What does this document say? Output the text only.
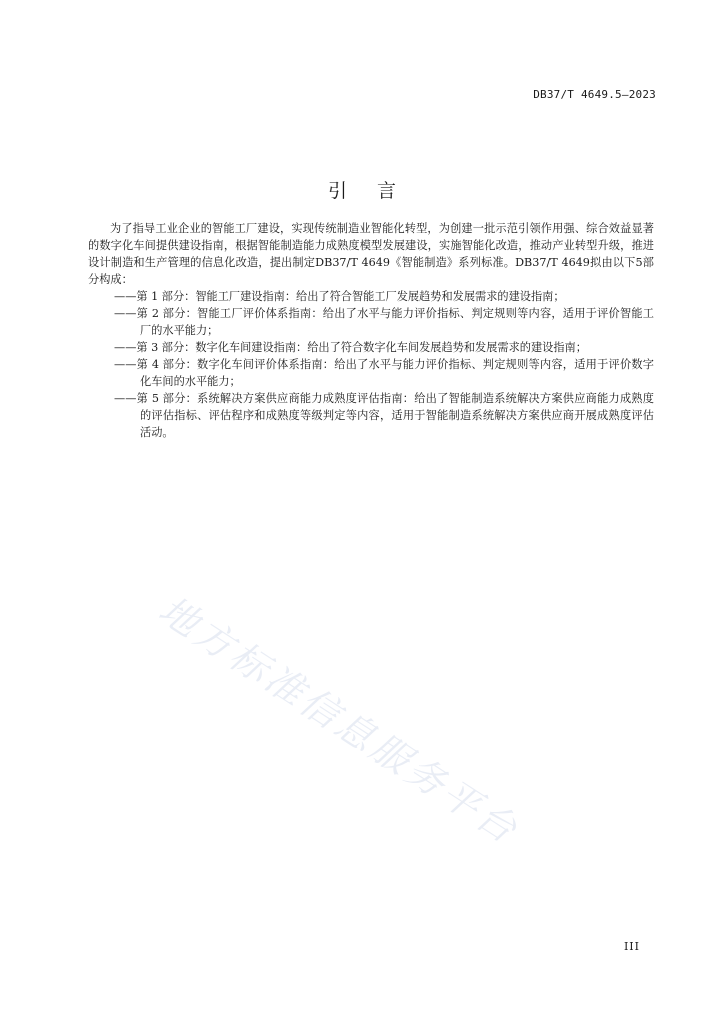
DB37/T 4649.5—2023
引言

为了指导工业企业的智能工厂建设，实现传统制造业智能化转型，为创建一批示范引领作用强、综合效益显著的数字化车间提供建设指南，根据智能制造能力成熟度模型发展建设，实施智能化改造，推动产业转型升级，推进设计制造和生产管理的信息化改造，提出制定DB37/T 4649《智能制造》系列标准。DB37/T 4649拟由以下5部分构成：

——第 1 部分：智能工厂建设指南：给出了符合智能工厂发展趋势和发展需求的建设指南；
——第 2 部分：智能工厂评价体系指南：给出了水平与能力评价指标、判定规则等内容，适用于评价智能工厂的水平能力；
——第 3 部分：数字化车间建设指南：给出了符合数字化车间发展趋势和发展需求的建设指南；
——第 4 部分：数字化车间评价体系指南：给出了水平与能力评价指标、判定规则等内容，适用于评价数字化车间的水平能力；
——第 5 部分：系统解决方案供应商能力成熟度评估指南：给出了智能制造系统解决方案供应商能力成熟度的评估指标、评估程序和成熟度等级判定等内容，适用于智能制造系统解决方案供应商开展成熟度评估活动。
地方标准信息服务平台
III
